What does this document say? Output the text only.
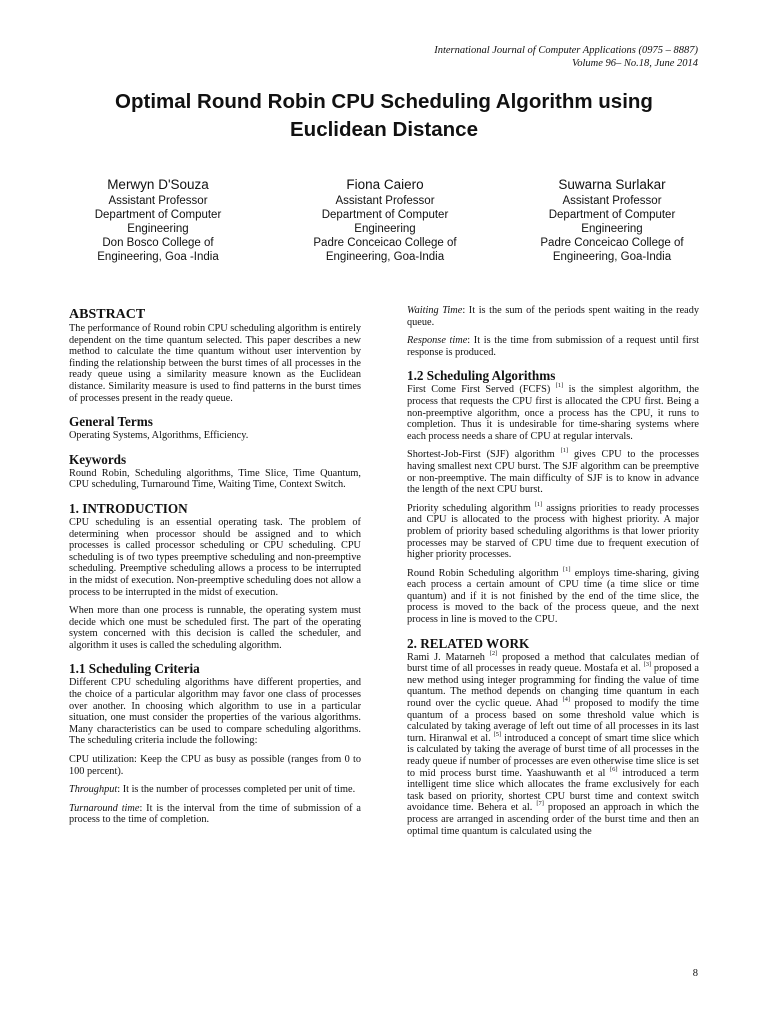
International Journal of Computer Applications (0975 – 8887)
Volume 96– No.18, June 2014
Optimal Round Robin CPU Scheduling Algorithm using
Euclidean Distance
Merwyn D'Souza
Assistant Professor
Department of Computer
Engineering
Don Bosco College of
Engineering, Goa -India
Fiona Caiero
Assistant Professor
Department of Computer
Engineering
Padre Conceicao College of
Engineering, Goa-India
Suwarna Surlakar
Assistant Professor
Department of Computer
Engineering
Padre Conceicao College of
Engineering, Goa-India
ABSTRACT

The performance of Round robin CPU scheduling algorithm is entirely dependent on the time quantum selected. This paper describes a new method to calculate the time quantum without user intervention by finding the relationship between the burst times of all processes in the ready queue using a similarity measure known as the Euclidean distance. Similarity measure is used to find patterns in the burst times of processes present in the ready queue.

General Terms

Operating Systems, Algorithms, Efficiency.

Keywords

Round Robin, Scheduling algorithms, Time Slice, Time Quantum, CPU scheduling, Turnaround Time, Waiting Time, Context Switch.

1. INTRODUCTION

CPU scheduling is an essential operating task. The problem of determining when processor should be assigned and to which processes is called processor scheduling or CPU scheduling. CPU scheduling is of two types preemptive scheduling and non-preemptive scheduling. Preemptive scheduling allows a process to be interrupted in the midst of execution. Non-preemptive scheduling does not allow a process to be interrupted in the midst of execution.

When more than one process is runnable, the operating system must decide which one must be scheduled first. The part of the operating system concerned with this decision is called the scheduler, and algorithm it uses is called the scheduling algorithm.

1.1 Scheduling Criteria

Different CPU scheduling algorithms have different properties, and the choice of a particular algorithm may favor one class of processes over another. In choosing which algorithm to use in a particular situation, one must consider the properties of the various algorithms. Many characteristics can be used to compare scheduling algorithms. The scheduling criteria include the following:

CPU utilization: Keep the CPU as busy as possible (ranges from 0 to 100 percent).

Throughput: It is the number of processes completed per unit of time.

Turnaround time: It is the interval from the time of submission of a process to the time of completion.

Waiting Time: It is the sum of the periods spent waiting in the ready queue.

Response time: It is the time from submission of a request until first response is produced.

1.2 Scheduling Algorithms

First Come First Served (FCFS) [1] is the simplest algorithm, the process that requests the CPU first is allocated the CPU first. Being a non-preemptive algorithm, once a process has the CPU, it runs to completion. Thus it is undesirable for time-sharing systems where each process needs a share of CPU at regular intervals.

Shortest-Job-First (SJF) algorithm [1] gives CPU to the processes having smallest next CPU burst. The SJF algorithm can be preemptive or non-preemptive. The main difficulty of SJF is to know in advance the length of the next CPU burst.

Priority scheduling algorithm [1] assigns priorities to ready processes and CPU is allocated to the process with highest priority. A major problem of priority based scheduling algorithms is that lower priority processes may be starved of CPU time due to frequent execution of higher priority processes.

Round Robin Scheduling algorithm [1] employs time-sharing, giving each process a certain amount of CPU time (a time slice or time quantum) and if it is not finished by the end of the time slice, the process is moved to the back of the process queue, and the next process in line is moved to the CPU.

2. RELATED WORK

Rami J. Matarneh [2] proposed a method that calculates median of burst time of all processes in ready queue. Mostafa et al. [3] proposed a new method using integer programming for finding the value of time quantum. The method depends on changing time quantum in each round over the cyclic queue. Ahad [4] proposed to modify the time quantum of a process based on some threshold value which is calculated by taking average of left out time of all processes in its last turn. Hiranwal et al. [5] introduced a concept of smart time slice which is calculated by taking the average of burst time of all processes in the ready queue if number of processes are even otherwise time slice is set to mid process burst time. Yaashuwanth et al [6] introduced a term intelligent time slice which allocates the frame exclusively for each task based on priority, shortest CPU burst time and context switch avoidance time. Behera et al. [7] proposed an approach in which the process are arranged in ascending order of the burst time and then an optimal time quantum is calculated using the

8
